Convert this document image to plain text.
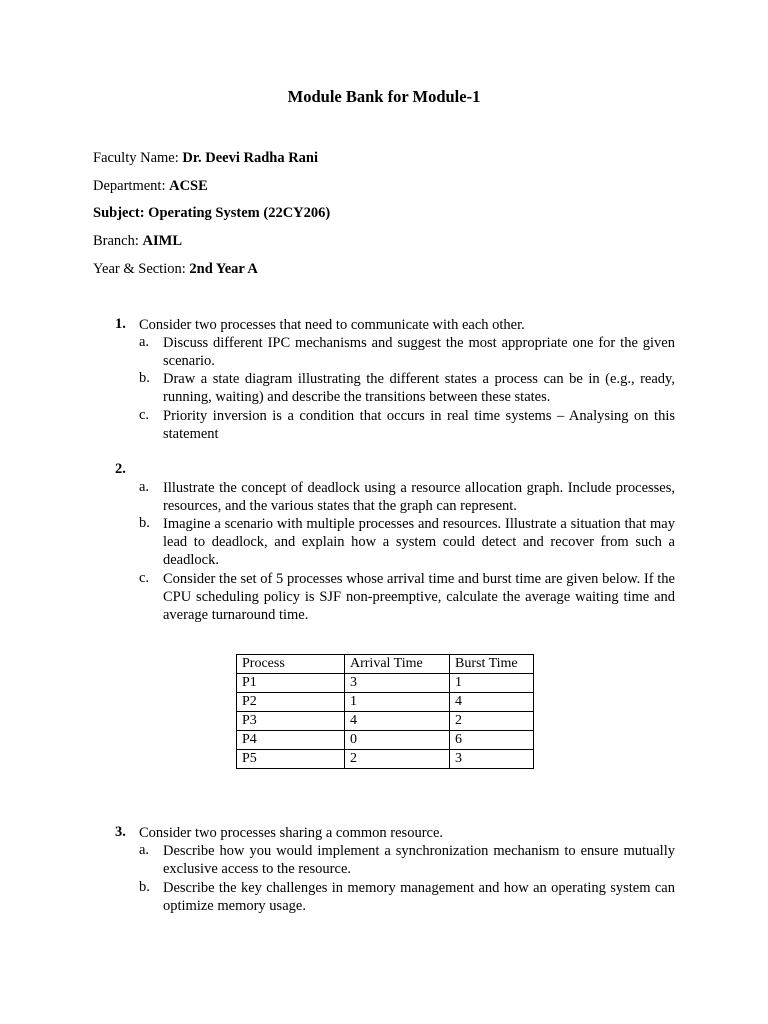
Module Bank for Module-1
Faculty Name: Dr. Deevi Radha Rani
Department: ACSE
Subject: Operating System (22CY206)
Branch: AIML
Year & Section: 2nd Year A
1. Consider two processes that need to communicate with each other.
a. Discuss different IPC mechanisms and suggest the most appropriate one for the given scenario.
b. Draw a state diagram illustrating the different states a process can be in (e.g., ready, running, waiting) and describe the transitions between these states.
c. Priority inversion is a condition that occurs in real time systems – Analysing on this statement
2.
a. Illustrate the concept of deadlock using a resource allocation graph. Include processes, resources, and the various states that the graph can represent.
b. Imagine a scenario with multiple processes and resources. Illustrate a situation that may lead to deadlock, and explain how a system could detect and recover from such a deadlock.
c. Consider the set of 5 processes whose arrival time and burst time are given below. If the CPU scheduling policy is SJF non-preemptive, calculate the average waiting time and average turnaround time.
Process	Arrival Time	Burst Time
P1	3	1
P2	1	4
P3	4	2
P4	0	6
P5	2	3
3. Consider two processes sharing a common resource.
a. Describe how you would implement a synchronization mechanism to ensure mutually exclusive access to the resource.
b. Describe the key challenges in memory management and how an operating system can optimize memory usage.
